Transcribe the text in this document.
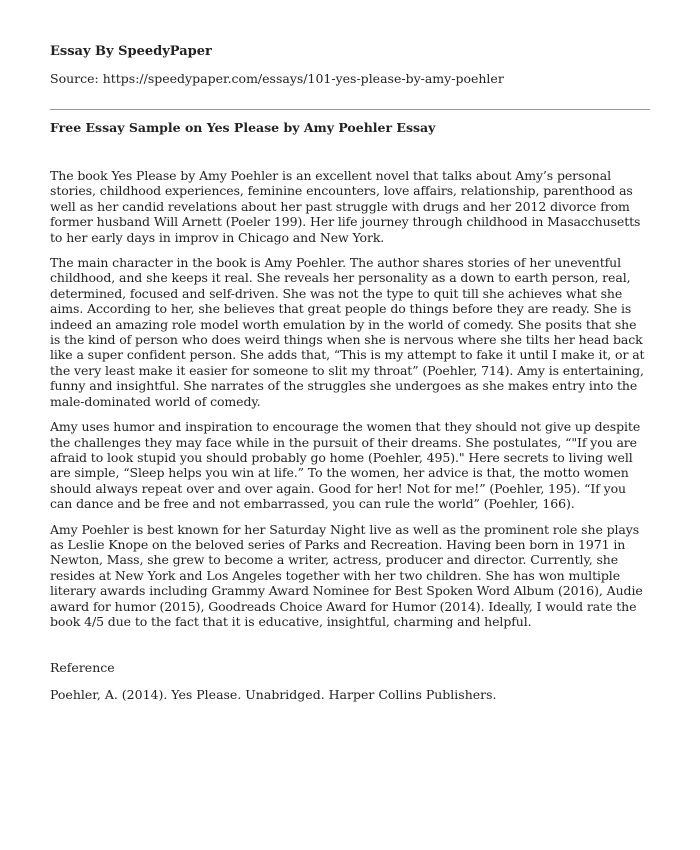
Essay By SpeedyPaper
Source: https://speedypaper.com/essays/101-yes-please-by-amy-poehler
Free Essay Sample on Yes Please by Amy Poehler Essay

The book Yes Please by Amy Poehler is an excellent novel that talks about Amy’s personal stories, childhood experiences, feminine encounters, love affairs, relationship, parenthood as well as her candid revelations about her past struggle with drugs and her 2012 divorce from former husband Will Arnett (Poeler 199). Her life journey through childhood in Masacchusetts to her early days in improv in Chicago and New York.

The main character in the book is Amy Poehler. The author shares stories of her uneventful childhood, and she keeps it real. She reveals her personality as a down to earth person, real, determined, focused and self-driven. She was not the type to quit till she achieves what she aims. According to her, she believes that great people do things before they are ready. She is indeed an amazing role model worth emulation by in the world of comedy. She posits that she is the kind of person who does weird things when she is nervous where she tilts her head back like a super confident person. She adds that, “This is my attempt to fake it until I make it, or at the very least make it easier for someone to slit my throat” (Poehler, 714). Amy is entertaining, funny and insightful. She narrates of the struggles she undergoes as she makes entry into the male-dominated world of comedy.

Amy uses humor and inspiration to encourage the women that they should not give up despite the challenges they may face while in the pursuit of their dreams. She postulates, “"If you are afraid to look stupid you should probably go home (Poehler, 495)." Here secrets to living well are simple, “Sleep helps you win at life.” To the women, her advice is that, the motto women should always repeat over and over again. Good for her! Not for me!” (Poehler, 195). “If you can dance and be free and not embarrassed, you can rule the world” (Poehler, 166).

Amy Poehler is best known for her Saturday Night live as well as the prominent role she plays as Leslie Knope on the beloved series of Parks and Recreation. Having been born in 1971 in Newton, Mass, she grew to become a writer, actress, producer and director. Currently, she resides at New York and Los Angeles together with her two children. She has won multiple literary awards including Grammy Award Nominee for Best Spoken Word Album (2016), Audie award for humor (2015), Goodreads Choice Award for Humor (2014). Ideally, I would rate the book 4/5 due to the fact that it is educative, insightful, charming and helpful.

Reference
Poehler, A. (2014). Yes Please. Unabridged. Harper Collins Publishers.
